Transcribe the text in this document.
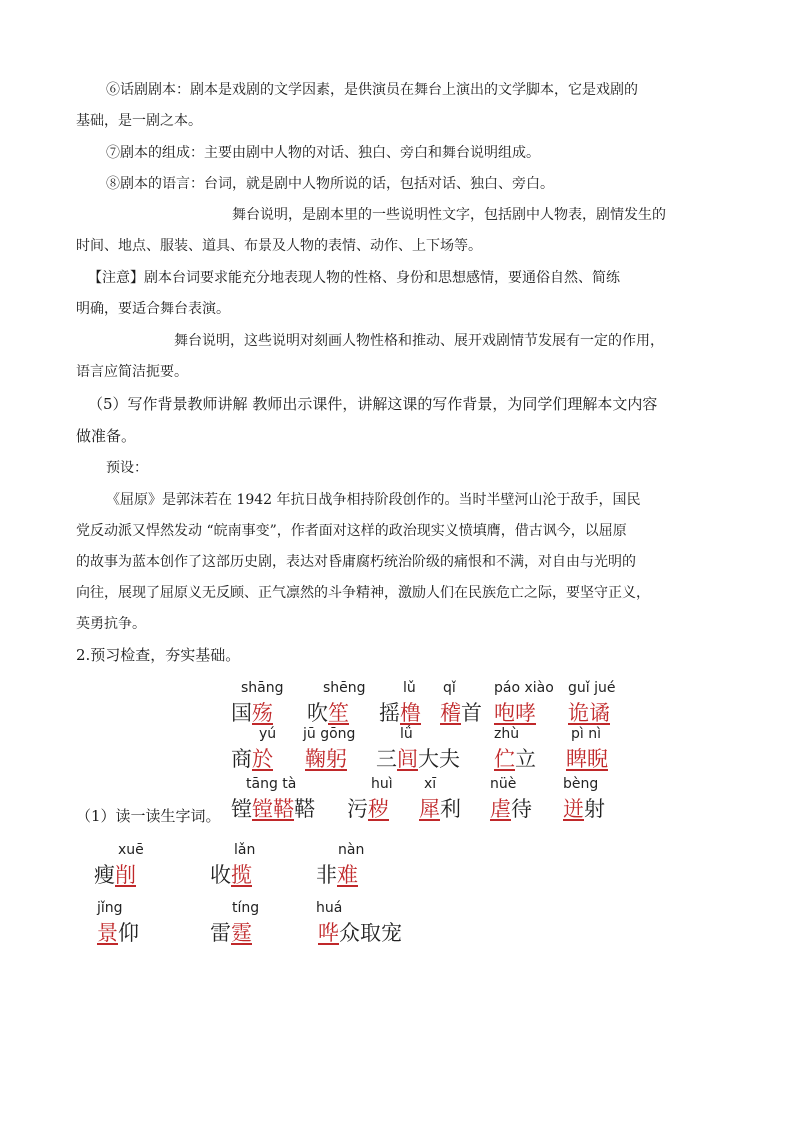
⑥话剧剧本：剧本是戏剧的文学因素，是供演员在舞台上演出的文学脚本，它是戏剧的
基础，是一剧之本。
⑦剧本的组成：主要由剧中人物的对话、独白、旁白和舞台说明组成。
⑧剧本的语言：台词，就是剧中人物所说的话，包括对话、独白、旁白。
舞台说明，是剧本里的一些说明性文字，包括剧中人物表，剧情发生的
时间、地点、服装、道具、布景及人物的表情、动作、上下场等。
【注意】剧本台词要求能充分地表现人物的性格、身份和思想感情，要通俗自然、简练
明确，要适合舞台表演。
舞台说明，这些说明对刻画人物性格和推动、展开戏剧情节发展有一定的作用，
语言应简洁扼要。
（5）写作背景教师讲解 教师出示课件，讲解这课的写作背景，为同学们理解本文内容
做准备。
预设：
《屈原》是郭沫若在 1942 年抗日战争相持阶段创作的。当时半壁河山沦于敌手，国民
党反动派又悍然发动 “皖南事变”，作者面对这样的政治现实义愤填膺，借古讽今，以屈原
的故事为蓝本创作了这部历史剧，表达对昏庸腐朽统治阶级的痛恨和不满，对自由与光明的
向往，展现了屈原义无反顾、正气凛然的斗争精神，激励人们在民族危亡之际，要坚守正义，
英勇抗争。
2.预习检查，夯实基础。
shāng
国殇
shēng
吹笙
lǔ
摇橹
qǐ
稽首
páo xiào
咆哮
guǐ jué
诡谲
yú
商於
jū gōng
鞠躬
lǘ
三闾大夫
zhù
伫立
pì nì
睥睨
tāng tà
镗镗鞳鞳
huì
污秽
xī
犀利
nüè
虐待
bèng
迸射
（1）读一读生字词。
xuē
瘦削
lǎn
收揽
nàn
非难
jǐng
景仰
tíng
雷霆
huá
哗众取宠
